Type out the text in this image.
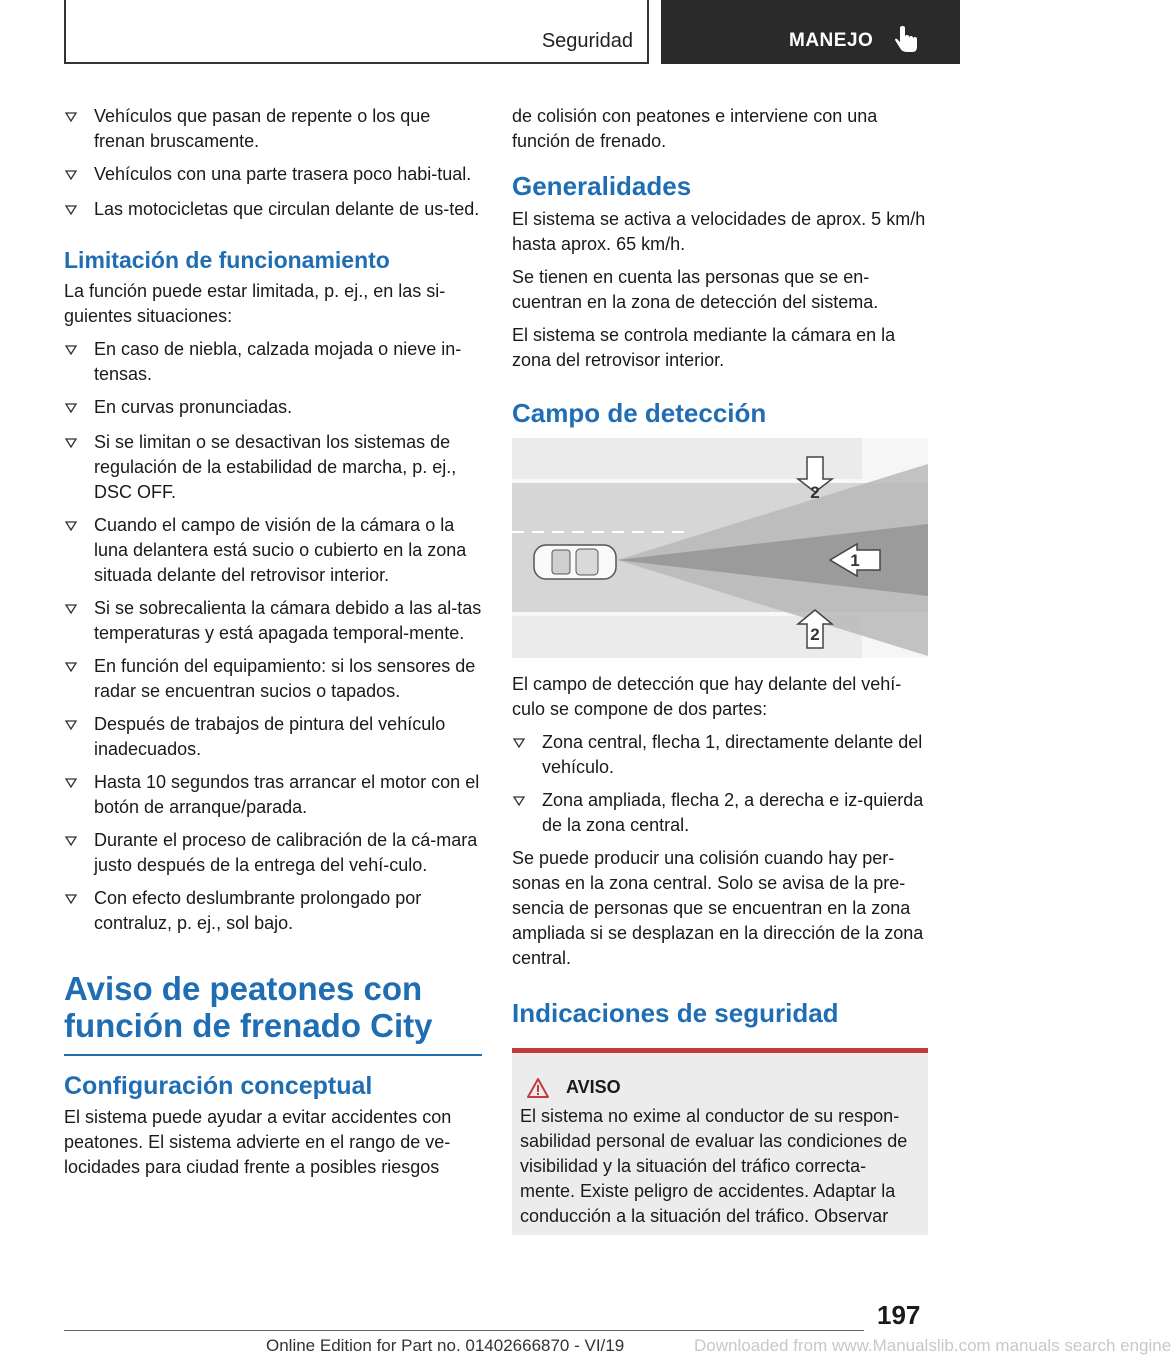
Seguridad	MANEJO
Vehículos que pasan de repente o los que frenan bruscamente.
Vehículos con una parte trasera poco habi-tual.
Las motocicletas que circulan delante de us-ted.
Limitación de funcionamiento

La función puede estar limitada, p. ej., en las si-guientes situaciones:

En caso de niebla, calzada mojada o nieve in-tensas.
En curvas pronunciadas.
Si se limitan o se desactivan los sistemas de regulación de la estabilidad de marcha, p. ej., DSC OFF.
Cuando el campo de visión de la cámara o la luna delantera está sucio o cubierto en la zona situada delante del retrovisor interior.
Si se sobrecalienta la cámara debido a las al-tas temperaturas y está apagada temporal-mente.
En función del equipamiento: si los sensores de radar se encuentran sucios o tapados.
Después de trabajos de pintura del vehículo inadecuados.
Hasta 10 segundos tras arrancar el motor con el botón de arranque/parada.
Durante el proceso de calibración de la cá-mara justo después de la entrega del vehí-culo.
Con efecto deslumbrante prolongado por contraluz, p. ej., sol bajo.
Aviso de peatones con función de frenado City
Configuración conceptual

El sistema puede ayudar a evitar accidentes con peatones. El sistema advierte en el rango de ve-locidades para ciudad frente a posibles riesgos

de colisión con peatones e interviene con una función de frenado.

Generalidades

El sistema se activa a velocidades de aprox. 5 km/h hasta aprox. 65 km/h.

Se tienen en cuenta las personas que se en-cuentran en la zona de detección del sistema.

El sistema se controla mediante la cámara en la zona del retrovisor interior.

Campo de detección
2
1
2

El campo de detección que hay delante del vehí-culo se compone de dos partes:

Zona central, flecha 1, directamente delante del vehículo.
Zona ampliada, flecha 2, a derecha e iz-quierda de la zona central.

Se puede producir una colisión cuando hay per-sonas en la zona central. Solo se avisa de la pre-sencia de personas que se encuentran en la zona ampliada si se desplazan en la dirección de la zona central.

Indicaciones de seguridad
AVISO

El sistema no exime al conductor de su respon-sabilidad personal de evaluar las condiciones de visibilidad y la situación del tráfico correcta-mente. Existe peligro de accidentes. Adaptar la conducción a la situación del tráfico. Observar

197
Online Edition for Part no. 01402666870 - VI/19	Downloaded from www.Manualslib.com manuals search engine
